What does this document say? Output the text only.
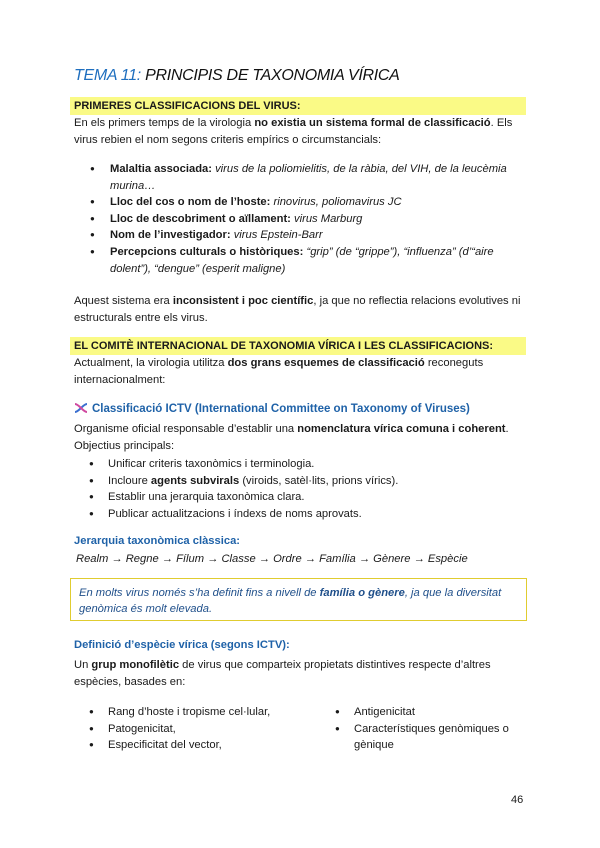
TEMA 11: PRINCIPIS DE TAXONOMIA VÍRICA
PRIMERES CLASSIFICACIONS DEL VIRUS:
En els primers temps de la virologia no existia un sistema formal de classificació. Els virus rebien el nom segons criteris empírics o circumstancials:
● Malaltia associada: virus de la poliomielitis, de la ràbia, del VIH, de la leucèmia murina…
● Lloc del cos o nom de l’hoste: rinovirus, poliomavirus JC
● Lloc de descobriment o aïllament: virus Marburg
● Nom de l’investigador: virus Epstein-Barr
● Percepcions culturals o històriques: “grip” (de “grippe”), “influenza” (d’“aire dolent”), “dengue” (esperit maligne)
Aquest sistema era inconsistent i poc científic, ja que no reflectia relacions evolutives ni estructurals entre els virus.
EL COMITÈ INTERNACIONAL DE TAXONOMIA VÍRICA I LES CLASSIFICACIONS:
Actualment, la virologia utilitza dos grans esquemes de classificació reconeguts internacionalment:
Classificació ICTV (International Committee on Taxonomy of Viruses)
Organisme oficial responsable d’establir una nomenclatura vírica comuna i coherent.
Objectius principals:
● Unificar criteris taxonòmics i terminologia.
● Incloure agents subvirals (viroids, satèl·lits, prions vírics).
● Establir una jerarquia taxonòmica clara.
● Publicar actualitzacions i índexs de noms aprovats.
Jerarquia taxonòmica clàssica:
Realm → Regne → Fílum → Classe → Ordre → Família → Gènere → Espècie
En molts virus només s’ha definit fins a nivell de família o gènere, ja que la diversitat genòmica és molt elevada.
Definició d’espècie vírica (segons ICTV):
Un grup monofilètic de virus que comparteix propietats distintives respecte d’altres espècies, basades en:
● Rang d’hoste i tropisme cel·lular,
● Patogenicitat,
● Especificitat del vector,
● Antigenicitat
● Característiques genòmiques o gènique
46
